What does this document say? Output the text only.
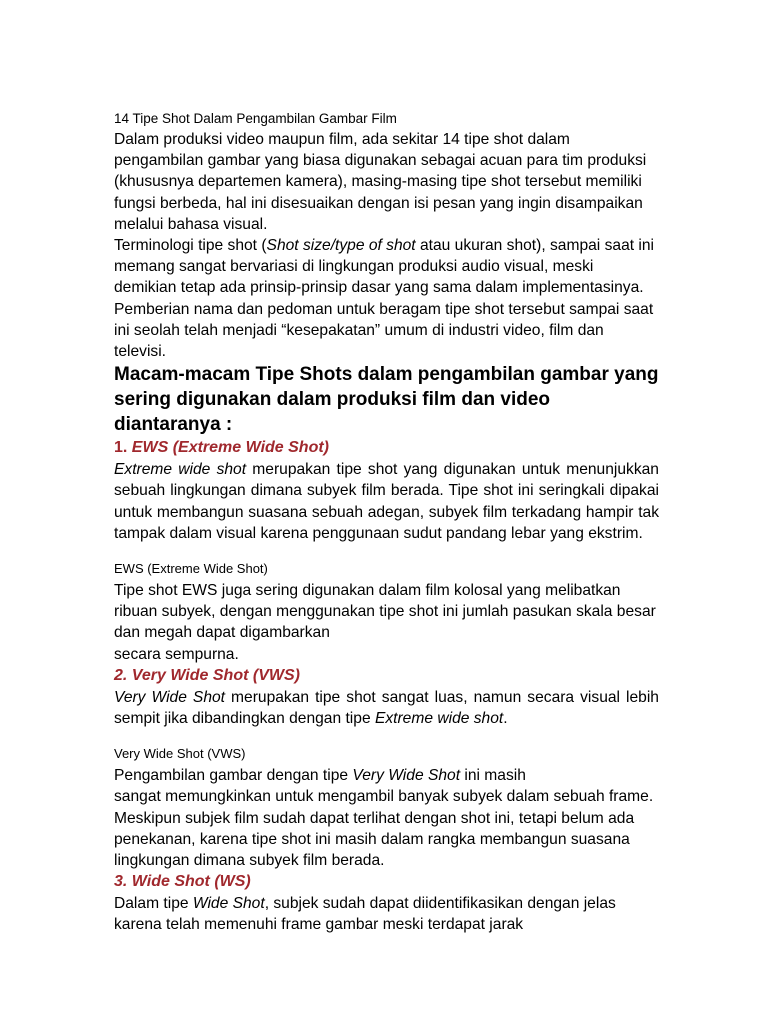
14 Tipe Shot Dalam Pengambilan Gambar Film

Dalam produksi video maupun film, ada sekitar 14 tipe shot dalam pengambilan gambar yang biasa digunakan sebagai acuan para tim produksi (khususnya departemen kamera), masing-masing tipe shot tersebut memiliki fungsi berbeda, hal ini disesuaikan dengan isi pesan yang ingin disampaikan melalui bahasa visual.

Terminologi tipe shot (Shot size/type of shot atau ukuran shot), sampai saat ini memang sangat bervariasi di lingkungan produksi audio visual, meski demikian tetap ada prinsip-prinsip dasar yang sama dalam implementasinya. Pemberian nama dan pedoman untuk beragam tipe shot tersebut sampai saat ini seolah telah menjadi “kesepakatan” umum di industri video, film dan televisi.

Macam-macam Tipe Shots dalam pengambilan gambar yang sering digunakan dalam produksi film dan video diantaranya :

1. EWS (Extreme Wide Shot)

Extreme wide shot merupakan tipe shot yang digunakan untuk menunjukkan sebuah lingkungan dimana subyek film berada. Tipe shot ini seringkali dipakai untuk membangun suasana sebuah adegan, subyek film terkadang hampir tak tampak dalam visual karena penggunaan sudut pandang lebar yang ekstrim.

EWS (Extreme Wide Shot)

Tipe shot EWS juga sering digunakan dalam film kolosal yang melibatkan ribuan subyek, dengan menggunakan tipe shot ini jumlah pasukan skala besar dan megah dapat digambarkan

secara sempurna.

2. Very Wide Shot (VWS)

Very Wide Shot merupakan tipe shot sangat luas, namun secara visual lebih sempit jika dibandingkan dengan tipe Extreme wide shot.

Very Wide Shot (VWS)

Pengambilan gambar dengan tipe Very Wide Shot ini masih

sangat memungkinkan untuk mengambil banyak subyek dalam sebuah frame. Meskipun subjek film sudah dapat terlihat dengan shot ini, tetapi belum ada penekanan, karena tipe shot ini masih dalam rangka membangun suasana lingkungan dimana subyek film berada.

3. Wide Shot (WS)

Dalam tipe Wide Shot, subjek sudah dapat diidentifikasikan dengan jelas karena telah memenuhi frame gambar meski terdapat jarak
